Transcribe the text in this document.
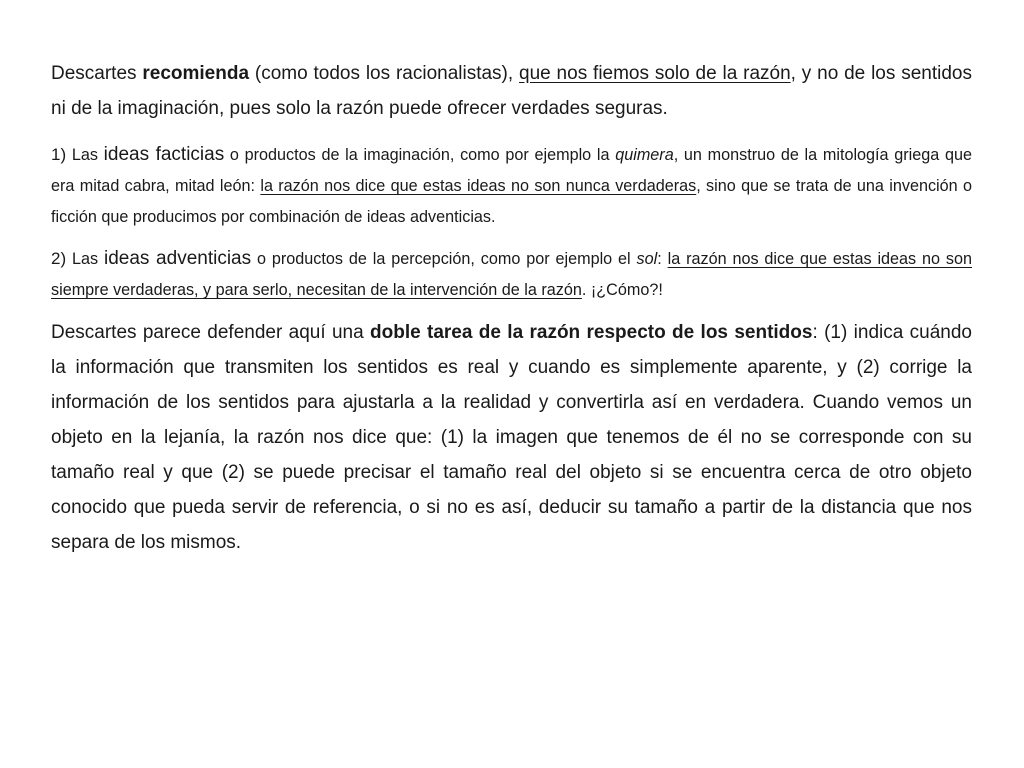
Descartes recomienda (como todos los racionalistas), que nos fiemos solo de la razón, y no de los sentidos ni de la imaginación, pues solo la razón puede ofrecer verdades seguras.

1) Las ideas facticias o productos de la imaginación, como por ejemplo la quimera, un monstruo de la mitología griega que era mitad cabra, mitad león: la razón nos dice que estas ideas no son nunca verdaderas, sino que se trata de una invención o ficción que producimos por combinación de ideas adventicias.

2) Las ideas adventicias o productos de la percepción, como por ejemplo el sol: la razón nos dice que estas ideas no son siempre verdaderas, y para serlo, necesitan de la intervención de la razón. ¡¿Cómo?!

Descartes parece defender aquí una doble tarea de la razón respecto de los sentidos: (1) indica cuándo la información que transmiten los sentidos es real y cuando es simplemente aparente, y (2) corrige la información de los sentidos para ajustarla a la realidad y convertirla así en verdadera. Cuando vemos un objeto en la lejanía, la razón nos dice que: (1) la imagen que tenemos de él no se corresponde con su tamaño real y que (2) se puede precisar el tamaño real del objeto si se encuentra cerca de otro objeto conocido que pueda servir de referencia, o si no es así, deducir su tamaño a partir de la distancia que nos separa de los mismos.
